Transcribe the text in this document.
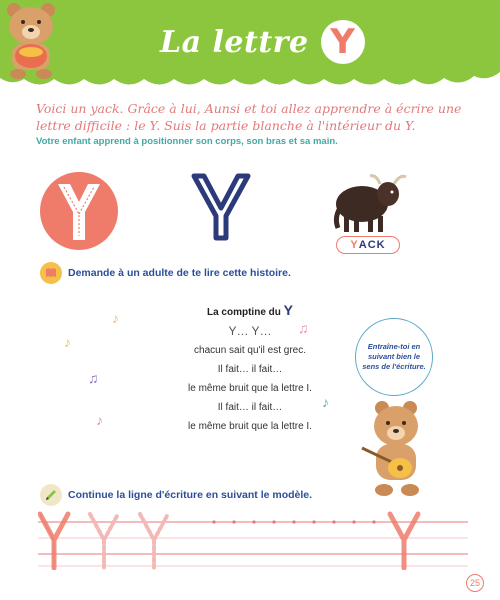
La lettre Y
Voici un yack. Grâce à lui, Aunsi et toi allez apprendre à écrire une lettre difficile : le Y. Suis la partie blanche à l'intérieur du Y.
Votre enfant apprend à positionner son corps, son bras et sa main.
Y ACK
Demande à un adulte de te lire cette histoire.
La comptine du Y
Y… Y…
chacun sait qu'il est grec.
Il fait… il fait…
le même bruit que la lettre I.
Il fait… il fait…
le même bruit que la lettre I.
♪
♪
♫
♪
♫
♪
Entraîne-toi en suivant bien le sens de l'écriture.
Continue la ligne d'écriture en suivant le modèle.
25
